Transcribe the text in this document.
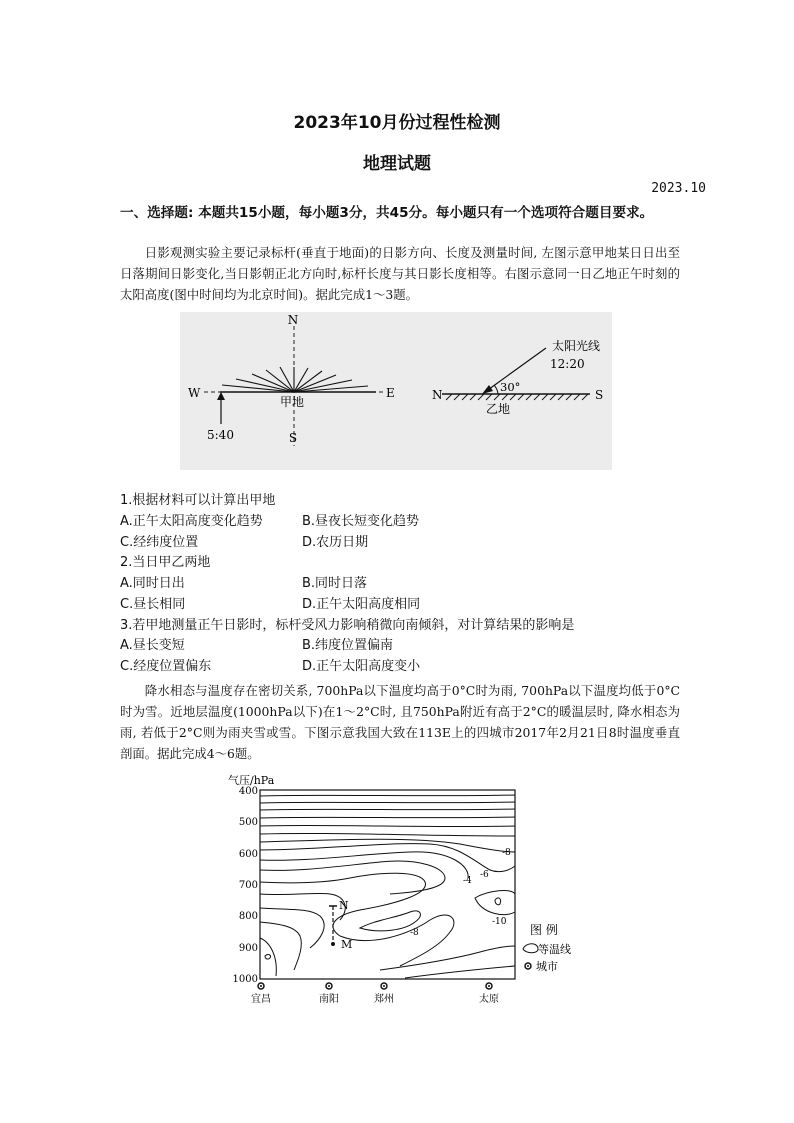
2023年10月份过程性检测
地理试题
2023.10
一、选择题: 本题共15小题，每小题3分，共45分。每小题只有一个选项符合题目要求。
日影观测实验主要记录标杆(垂直于地面)的日影方向、长度及测量时间, 左图示意甲地某日日出至日落期间日影变化,当日影朝正北方向时,标杆长度与其日影长度相等。右图示意同一日乙地正午时刻的太阳高度(图中时间均为北京时间)。据此完成1～3题。
N
S
W	E
甲地
5:40
30°
N	S
乙地
太阳光线
12:20
1.根据材料可以计算出甲地
A.正午太阳高度变化趋势	B.昼夜长短变化趋势
C.经纬度位置	D.农历日期
2.当日甲乙两地
A.同时日出	B.同时日落
C.昼长相同	D.正午太阳高度相同
3.若甲地测量正午日影时，标杆受风力影响稍微向南倾斜，对计算结果的影响是
A.昼长变短	B.纬度位置偏南
C.经度位置偏东	D.正午太阳高度变小
降水相态与温度存在密切关系, 700hPa以下温度均高于0°C时为雨, 700hPa以下温度均低于0°C时为雪。近地层温度(1000hPa以下)在1～2°C时, 且750hPa附近有高于2°C的暖温层时, 降水相态为雨, 若低于2°C则为雨夹雪或雪。下图示意我国大致在113E上的四城市2017年2月21日8时温度垂直剖面。据此完成4～6题。
气压/hPa
400
500
600
700
800
900
1000
-8
-6
-4
-10
-8
N
M
宜昌	南阳	郑州	太原
图 例
等温线
城市
